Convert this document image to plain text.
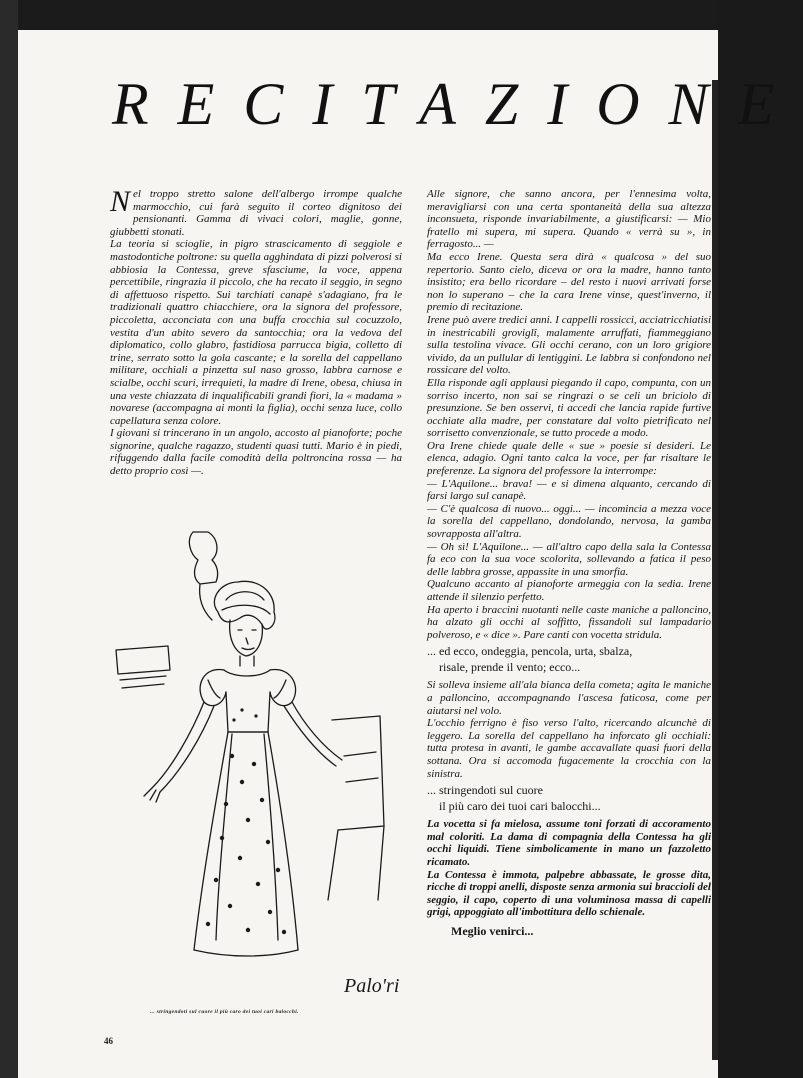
RECITAZIONE

Nel troppo stretto salone dell'albergo irrompe qualche marmocchio, cui farà seguito il corteo dignitoso dei pensionanti. Gamma di vivaci colori, maglie, gonne, giubbetti stonati.

La teoria si scioglie, in pigro strascicamento di seggiole e mastodontiche poltrone: su quella agghindata di pizzi polverosi si abbiosia la Contessa, greve sfasciume, la voce, appena percettibile, ringrazia il piccolo, che ha recato il seggio, in segno di affettuoso rispetto. Sui tarchiati canapè s'adagiano, fra le tradizionali quattro chiacchiere, ora la signora del professore, piccoletta, acconciata con una buffa crocchia sul cocuzzolo, vestita d'un abito severo da santocchia; ora la vedova del diplomatico, collo glabro, fastidiosa parrucca bigia, colletto di trine, serrato sotto la gola cascante; e la sorella del cappellano militare, occhiali a pinzetta sul naso grosso, labbra carnose e scialbe, occhi scuri, irrequieti, la madre di Irene, obesa, chiusa in una veste chiazzata di inqualificabili grandi fiori, la « madama » novarese (accompagna ai monti la figlia), occhi senza luce, collo capellatura senza colore.

I giovani si trincerano in un angolo, accosto al pianoforte; poche signorine, qualche ragazzo, studenti quasi tutti. Mario è in piedi, rifuggendo dalla facile comodità della poltroncina rossa — ha detto proprio così —.

Palo'ri
... stringendoti sul cuore il più caro dei tuoi cari balocchi.

Alle signore, che sanno ancora, per l'ennesima volta, meravigliarsi con una certa spontaneità della sua altezza inconsueta, risponde invariabilmente, a giustificarsi: — Mio fratello mi supera, mi supera. Quando « verrà su », in ferragosto... —

Ma ecco Irene. Questa sera dirà « qualcosa » del suo repertorio. Santo cielo, diceva or ora la madre, hanno tanto insistito; era bello ricordare – del resto i nuovi arrivati forse non lo superano – che la cara Irene vinse, quest'inverno, il premio di recitazione.

Irene può avere tredici anni. I cappelli rossicci, acciatricchiatisi in inestricabili groviglî, malamente arruffati, fiammeggiano sulla testolina vivace. Gli occhi cerano, con un loro grigiore vivido, da un pullular di lentiggini. Le labbra si confondono nel rossicare del volto.

Ella risponde agli applausi piegando il capo, compunta, con un sorriso incerto, non sai se ringrazi o se celi un briciolo di presunzione. Se ben osservi, ti accedi che lancia rapide furtive occhiate alla madre, per constatare dal volto pietrificato nel sorrisetto convenzionale, se tutto procede a modo.

Ora Irene chiede quale delle « sue » poesie si desideri. Le elenca, adagio. Ogni tanto calca la voce, per far risaltare le preferenze. La signora del professore la interrompe:

— L'Aquilone... brava! — e si dimena alquanto, cercando di farsi largo sul canapè.

— C'è qualcosa di nuovo... oggi... — incomincia a mezza voce la sorella del cappellano, dondolando, nervosa, la gamba sovrapposta all'altra.

— Oh sì! L'Aquilone... — all'altro capo della sala la Contessa fa eco con la sua voce scolorita, sollevando a fatica il peso delle labbra grosse, appassite in una smorfia.

Qualcuno accanto al pianoforte armeggia con la sedia. Irene attende il silenzio perfetto.

Ha aperto i braccini nuotanti nelle caste maniche a palloncino, ha alzato gli occhi al soffitto, fissandoli sul lampadario polveroso, e « dice ». Pare canti con vocetta stridula.

... ed ecco, ondeggia, pencola, urta, sbalza,

risale, prende il vento; ecco...

Si solleva insieme all'ala bianca della cometa; agita le maniche a palloncino, accompagnando l'ascesa faticosa, come per aiutarsi nel volo.

L'occhio ferrigno è fiso verso l'alto, ricercando alcunchè di leggero. La sorella del cappellano ha inforcato gli occhiali: tutta protesa in avanti, le gambe accavallate quasi fuori della sottana. Ora si accomoda fugacemente la crocchia con la sinistra.

... stringendoti sul cuore

il più caro dei tuoi cari balocchi...

La vocetta si fa mielosa, assume toni forzati di accoramento mal coloriti. La dama di compagnia della Contessa ha gli occhi liquidi. Tiene simbolicamente in mano un fazzoletto ricamato.

La Contessa è immota, palpebre abbassate, le grosse dita, ricche di troppi anelli, disposte senza armonia sui braccioli del seggio, il capo, coperto di una voluminosa massa di capelli grigi, appoggiato all'imbottitura dello schienale.

Meglio venirci...

46
